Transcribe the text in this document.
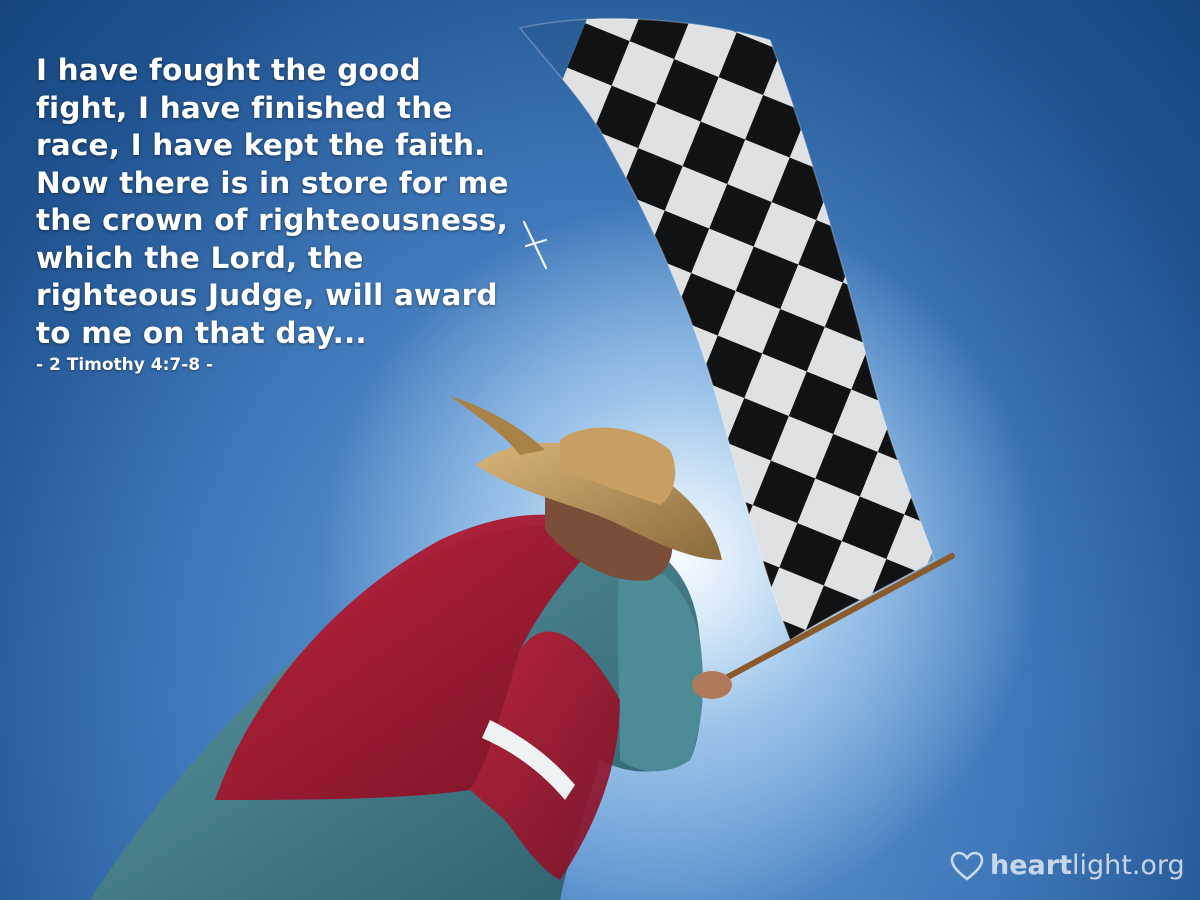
I have fought the good
fight, I have finished the
race, I have kept the faith.
Now there is in store for me
the crown of righteousness,
which the Lord, the
righteous Judge, will award
to me on that day...

- 2 Timothy 4:7-8 -

heart light.org
